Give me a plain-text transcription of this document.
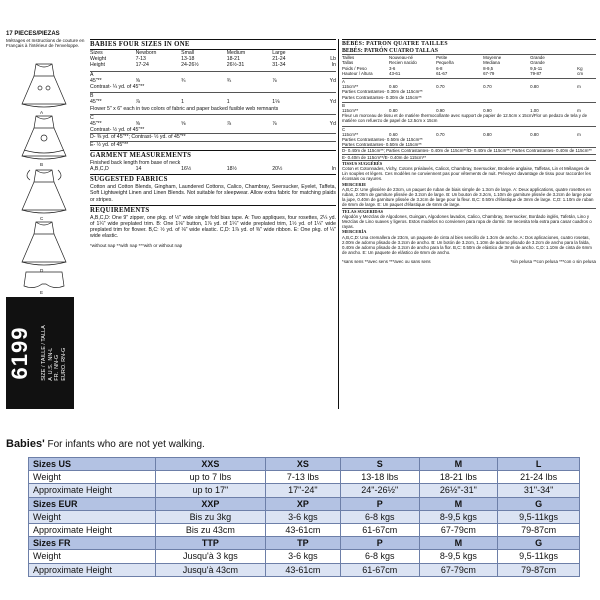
17 PIECES/PIEZAS
Métrages et Instructions de couture en Français à l'intérieur de l'enveloppe.
A
B
C
D
E
6199 SIZE / TAILLE / TALLA
A  U.S.  NN-L
FR.  NN-G
EURO. RN-G
BABIES FOUR SIZES IN ONE
Sizes	Newborn	Small	Medium	Large
Weight	7-13	13-18	18-21	21-24	Lb
Height	17-24	24-26½	26½-31	31-34	In
A
45"**	⅝	¾	¾	⅞	Yd
Contrast- ¼ yd. of 45"**
B
45"**	⅞	1	1	1⅛	Yd
Flower 5" x 6" each in two colors of fabric and paper backed fusible web remnants
C
45"**	⅝	⅝	⅞	⅞	Yd
Contrast- ½ yd. of 45"**
D- ⅜ yd. of 45"**; Contrast- ½ yd. of 45"**
E- ½ yd. of 45"**
GARMENT MEASUREMENTS
Finished back length from base of neck
A,B,C,D	14	16½	18½	20½	In
SUGGESTED FABRICS
Cotton and Cotton Blends, Gingham, Laundered Cottons, Calico, Chambray, Seersucker, Eyelet, Taffeta, Soft Lightweight Linen and Linen Blends. Not suitable for sleepwear. Allow extra fabric for matching plaids or stripes.
REQUIREMENTS
A,B,C,D: One 9" zipper, one pkg. of ½" wide single fold bias tape. A: Two appliques, four rosettes, 2¼ yd. of 1¼" wide preplated trim. B: One 1⅛" button, 1⅞ yd. of 1¼" wide preplated trim, 1½ yd. of 1¼" wide preplated trim for flower. B,C: ½ yd. of ⅛" wide elastic. C,D: 1⅞ yd. of ⅜" wide ribbon. E: One pkg. of ¼" wide elastic.
*without nap **with nap ***with or without nap
BÉBÉS: PATRON QUATRE TAILLES
BEBÉS: PATRÓN CUATRO TALLAS
Tailles	Nouveau-né	Petite	Moyenne	Grande
Tallas	Recien nacido	Pequeña	Mediana	Grande
Poids / Peso	3-6	6-8	8-9,5	9,5-11	Kg
Hauteur / Altura	43-61	61-67	67-79	79-87	cm
A
115cm**	0.60	0.70	0.70	0.80	m
Parties Contrastantes- 0.30m de 115cm**
Partes Contrastantes- 0.30m de 115cm**
B
115cm**	0.80	0.90	0.90	1.00	m
Fleur un morceau de tissu et de matière thermocollante avec support de papier de 12.5cm x 15cm/Flor un pedazo de tela y de matière con refuerzo de papel de 12.5cm x 15cm
C
115cm**	0.60	0.70	0.80	0.80	m
Parties Contrastantes- 0.50m de 115cm**
Partes Contrastantes- 0.50m de 115cm**
D- 0.40m de 115cm**; Parties Contrastantes- 0.40m de 115cm**/D- 0.40m de 115cm**; Partes Contrastantes- 0.40m de 115cm**
E- 0.40m de 115cm**/E- 0.40m de 115cm**
TISSUS SUGGÉRÉS
Coton et Cotonnades, Vichy, Cotons préalavés, Calicot, Chambray, Seersucker, Broderie anglaise, Taffetas, Lin et Mélanges de Lin souples et légers. Ces modèles ne conviennent pas pour vêtements de nuit. Prévoyez davantage de tissu pour raccorder les écossais ou rayures.
MERCERIE
A,B,C,D: Une glissière de 23cm, un paquet de ruban de biais simple de 1.3cm de large. A: Deux applications, quatre rosettes en ruban, 2.00m de garniture plissée de 3.2cm de large. B: Un bouton de 3.2cm, 1.10m de garniture plissée de 3.2cm de large pour la jupe, 0.40m de garniture plissée de 3.2cm de large pour la fleur. B,C: 0.50m d'élastique de 3mm de large. C,D: 1.10m de ruban de 6mm de large. E: Un paquet d'élastique de 6mm de large.
TELAS SUGERIDAS
Algodón y Mezclas de Algodones, Guingan, Algodones lavados, Calico, Chambray, Seersucker, Bordado inglés, Tafetán, Lino y Mezclas de Lino suaves y ligeros. Estos modelos no convienen para ropa de dormir. Se necesita tela extra para casar cuadros o rayas.
MERCERÍA
A,B,C,D: Una cremallera de 23cm, un paquete de cinta al bies sencillo de 1.3cm de ancho. A: Dos aplicaciones, cuatro rosetas, 2.00m de adorno plisado de 3.2cm de ancho. B: Un botón de 3.2cm, 1.10m de adorno plisado de 3.2cm de ancho para la falda, 0.40m de adorno plisado de 3.2cm de ancho para la flor. B,C: 0.50m de elástico de 3mm de ancho. C,D: 1.10m de cinta de 6mm de ancho. E: Un paquete de elástico de 6mm de ancho.
*sans sens **avec sens ***avec ou sans sens	*sin pelusa **con pelusa ***con o sin pelusa
Babies' For infants who are not yet walking.
Sizes US	XXS	XS	S	M	L
Weight	up to 7 lbs	7-13 lbs	13-18 lbs	18-21 lbs	21-24 lbs
Approximate Height	up to 17"	17"-24"	24"-26½"	26½"-31"	31"-34"
Sizes EUR	XXP	XP	P	M	G
Weight	Bis zu 3kg	3-6 kgs	6-8 kgs	8-9,5 kgs	9,5-11kgs
Approximate Height	Bis zu 43cm	43-61cm	61-67cm	67-79cm	79-87cm
Sizes FR	TTP	TP	P	M	G
Weight	Jusqu'à 3 kgs	3-6 kgs	6-8 kgs	8-9,5 kgs	9,5-11kgs
Approximate Height	Jusqu'à 43cm	43-61cm	61-67cm	67-79cm	79-87cm
